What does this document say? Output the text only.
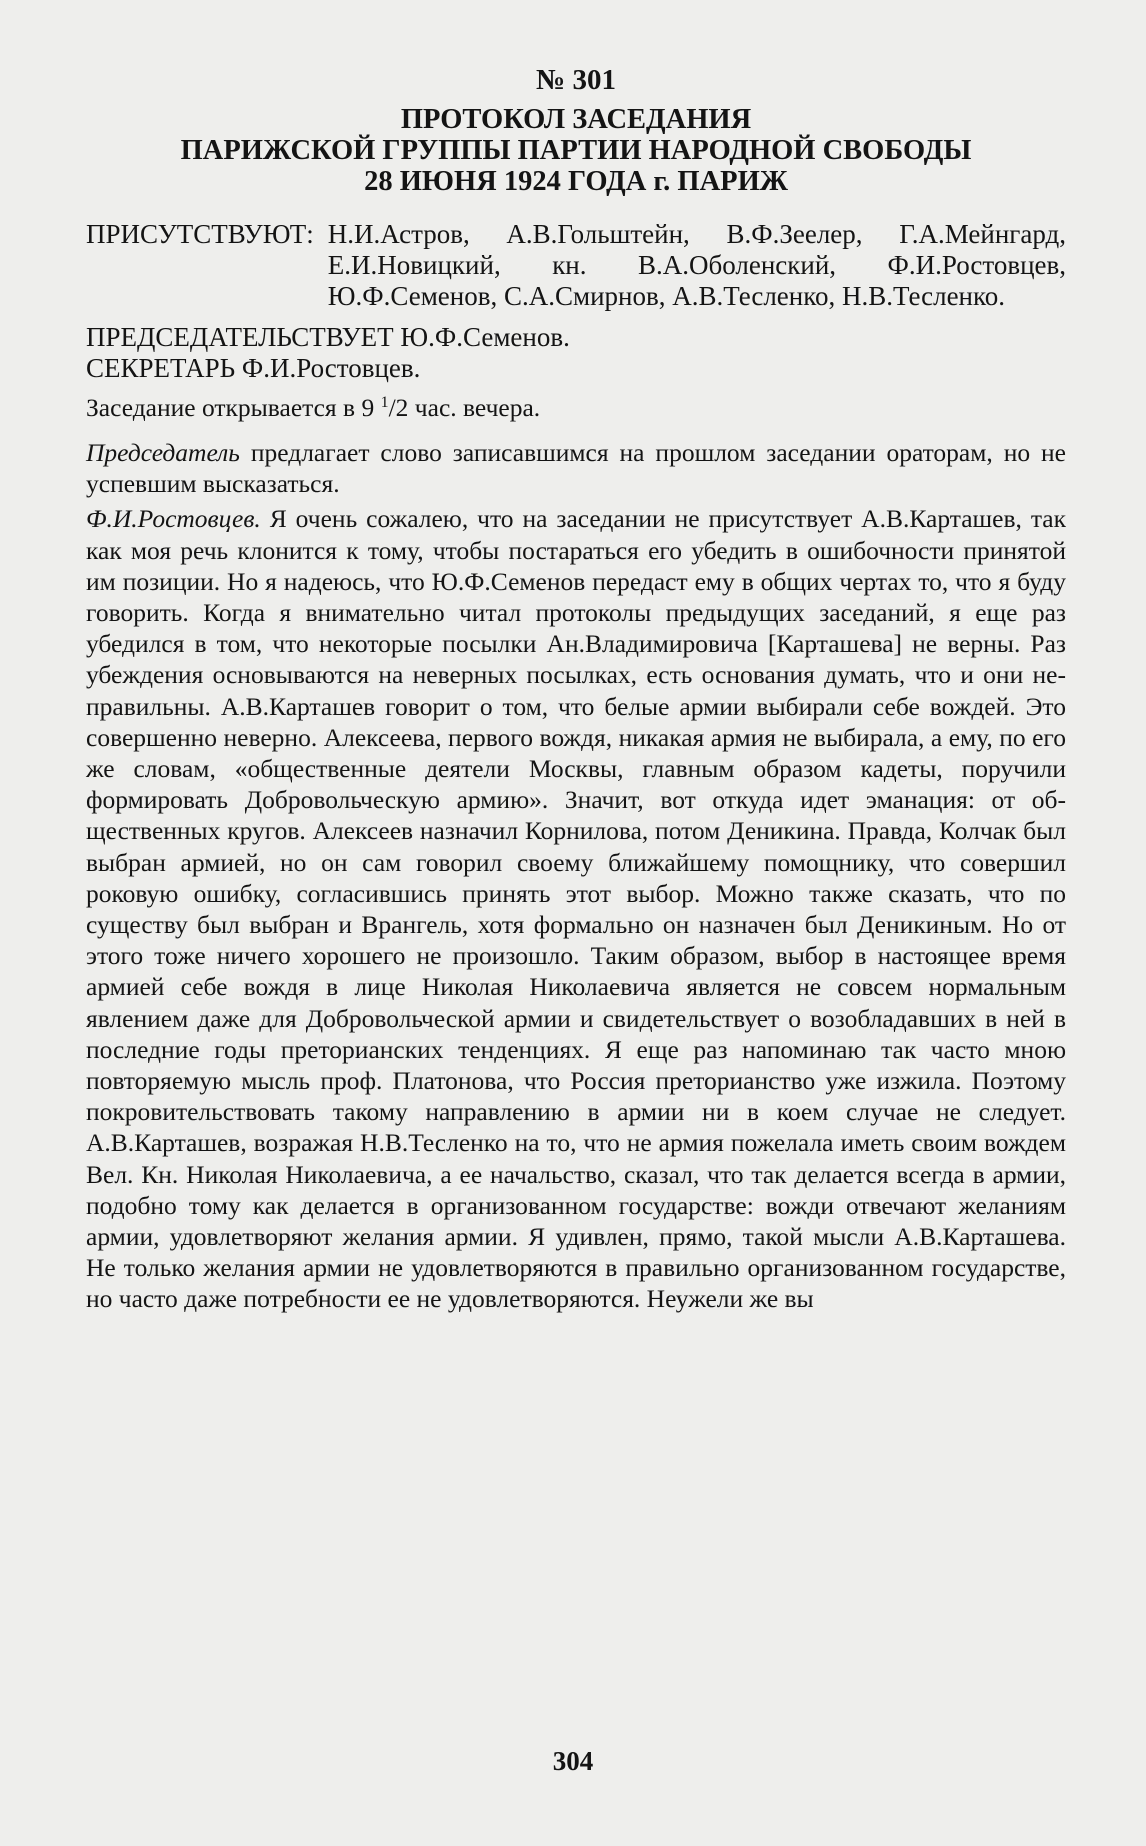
№ 301
ПРОТОКОЛ ЗАСЕДАНИЯ
ПАРИЖСКОЙ ГРУППЫ ПАРТИИ НАРОДНОЙ СВОБОДЫ
28 ИЮНЯ 1924 ГОДА г. ПАРИЖ
ПРИСУТСТВУЮТ: Н.И.Астров, А.В.Гольштейн, В.Ф.Зеелер, Г.А.Мейнгард, Е.И.Новицкий, кн. В.А.Оболенский, Ф.И.Ростовцев, Ю.Ф.Семенов, С.А.Смирнов, А.В.Тесленко, Н.В.Тесленко.
ПРЕДСЕДАТЕЛЬСТВУЕТ Ю.Ф.Семенов.
СЕКРЕТАРЬ Ф.И.Ростовцев.
Заседание открывается в 9 $^1$/2 час. вечера.

Председатель предлагает слово записавшимся на прошлом заседании ораторам, но не успевшим высказаться.

Ф.И.Ростовцев. Я очень сожалею, что на заседании не присутствует А.В.Карташев, так как моя речь клонится к тому, чтобы постараться его убедить в ошибочности принятой им позиции. Но я надеюсь, что Ю.Ф.Семенов передаст ему в общих чертах то, что я буду говорить. Когда я внимательно читал протоколы предыдущих заседаний, я еще раз убедился в том, что некоторые посылки Ан.Владимировича [Карташева] не верны. Раз убеждения основываются на неверных посылках, есть основания думать, что и они неправильны. А.В.Карташев говорит о том, что белые армии выбирали себе вождей. Это совершенно неверно. Алексеева, первого вождя, никакая армия не выбирала, а ему, по его же словам, «общественные деятели Москвы, главным образом кадеты, поручили формировать Добровольческую армию». Значит, вот откуда идет эманация: от общественных кругов. Алексеев назначил Корнилова, потом Деникина. Правда, Колчак был выбран армией, но он сам говорил своему ближайшему помощнику, что совершил роковую ошибку, согласившись принять этот выбор. Можно также сказать, что по существу был выбран и Врангель, хотя формально он назначен был Деникиным. Но от этого тоже ничего хорошего не произошло. Таким образом, выбор в настоящее время армией себе вождя в лице Николая Николаевича является не совсем нормальным явлением даже для Добровольческой армии и свидетельствует о возобладавших в ней в последние годы преторианских тенденциях. Я еще раз напоминаю так часто мною повторяемую мысль проф. Платонова, что Россия преторианство уже изжила. Поэтому покровительствовать такому направлению в армии ни в коем случае не следует. А.В.Карташев, возражая Н.В.Тесленко на то, что не армия пожелала иметь своим вождем Вел. Кн. Николая Николаевича, а ее начальство, сказал, что так делается всегда в армии, подобно тому как делается в организованном государстве: вожди отвечают желаниям армии, удовлетворяют желания армии. Я удивлен, прямо, такой мысли А.В.Карташева. Не только желания армии не удовлетворяются в правильно организованном государстве, но часто даже потребности ее не удовлетворяются. Неужели же вы

304
